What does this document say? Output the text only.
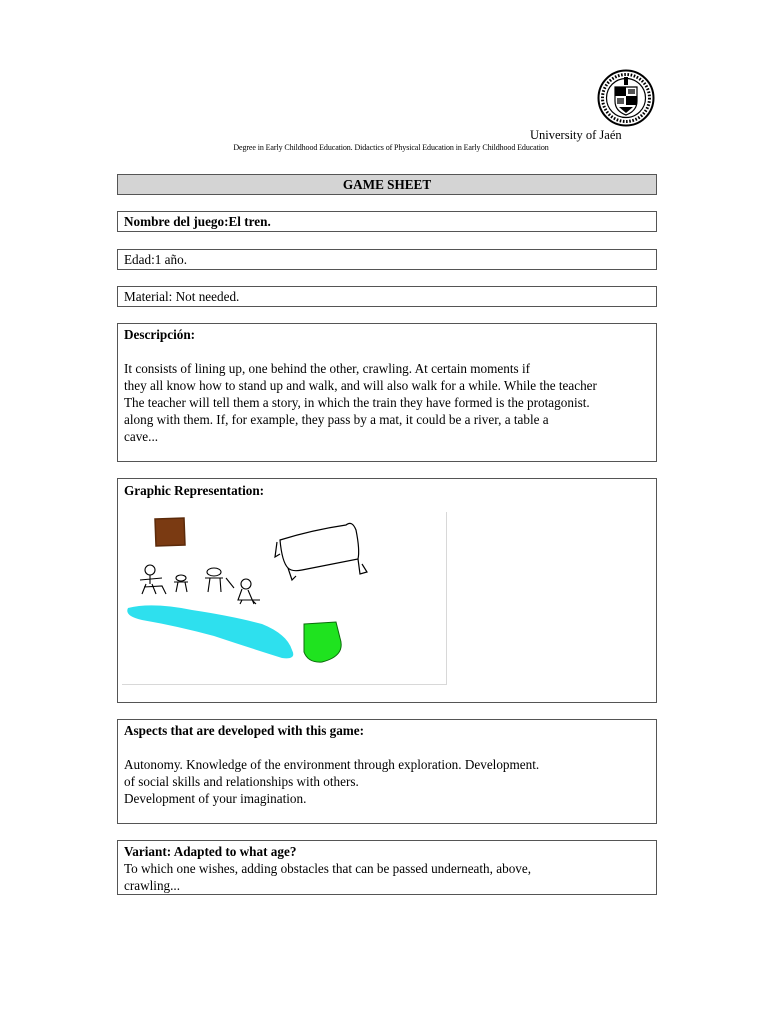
University of Jaén
Degree in Early Childhood Education. Didactics of Physical Education in Early Childhood Education
GAME SHEET
Nombre del juego:El tren.
Edad:1 año.
Material: Not needed.
Descripción:
It consists of lining up, one behind the other, crawling. At certain moments if
they all know how to stand up and walk, and will also walk for a while. While the teacher
The teacher will tell them a story, in which the train they have formed is the protagonist.
along with them. If, for example, they pass by a mat, it could be a river, a table a
cave...
Graphic Representation:
Aspects that are developed with this game:
Autonomy. Knowledge of the environment through exploration. Development.
of social skills and relationships with others.
Development of your imagination.
Variant: Adapted to what age?
To which one wishes, adding obstacles that can be passed underneath, above,
crawling...
